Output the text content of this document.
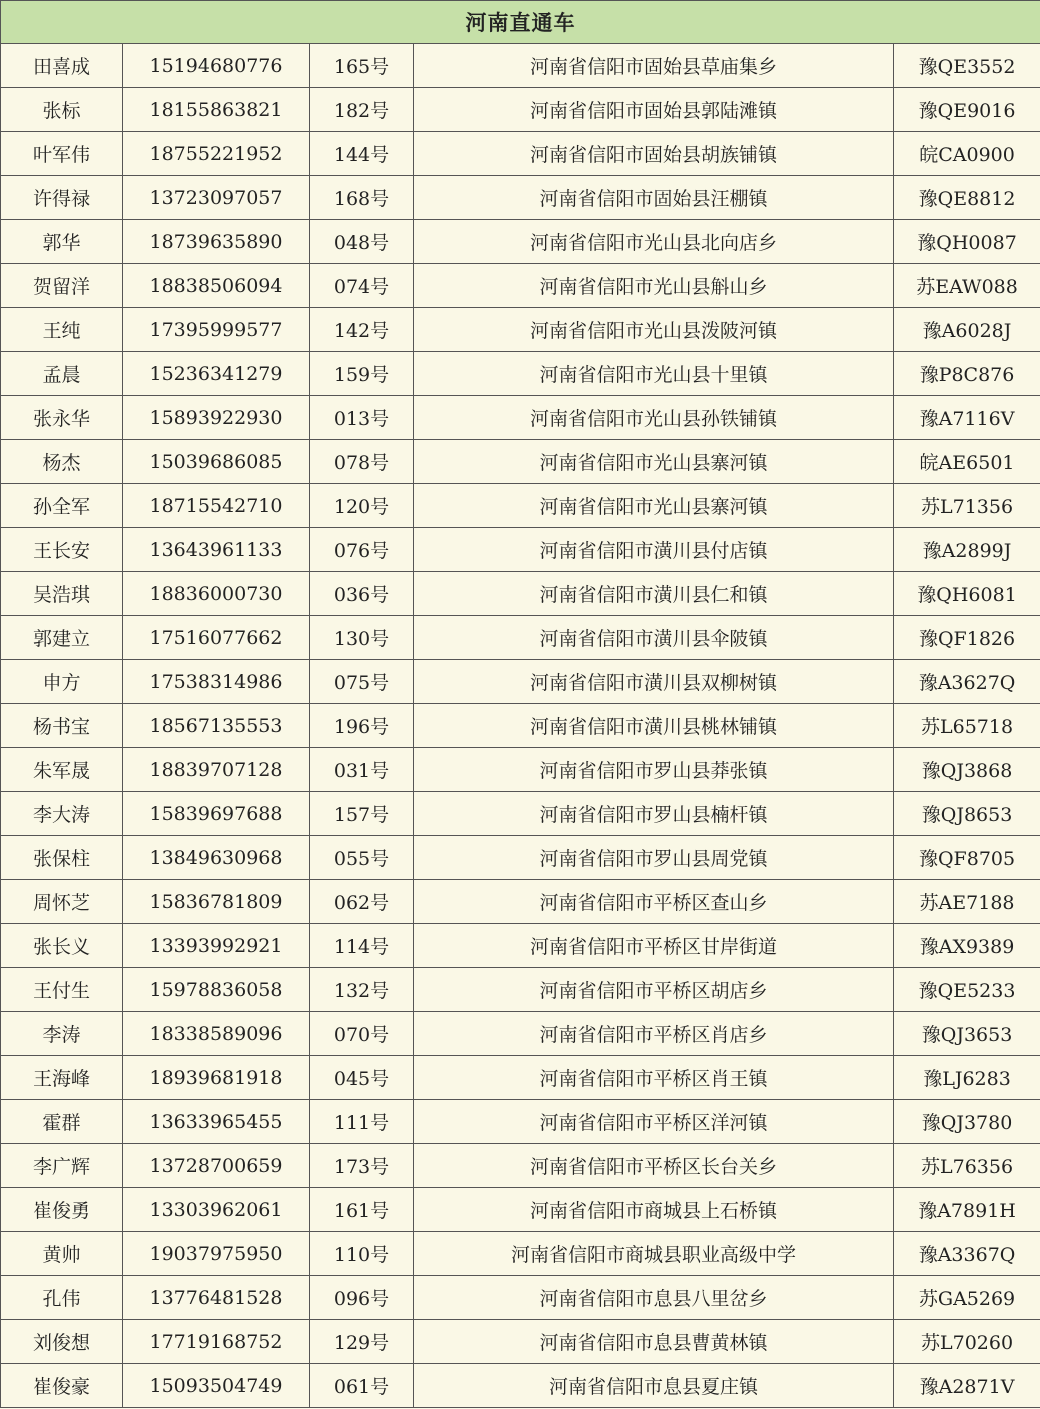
河南直通车				
田喜成	15194680776	165号	河南省信阳市固始县草庙集乡	豫QE3552
张标	18155863821	182号	河南省信阳市固始县郭陆滩镇	豫QE9016
叶军伟	18755221952	144号	河南省信阳市固始县胡族铺镇	皖CA0900
许得禄	13723097057	168号	河南省信阳市固始县汪棚镇	豫QE8812
郭华	18739635890	048号	河南省信阳市光山县北向店乡	豫QH0087
贺留洋	18838506094	074号	河南省信阳市光山县斛山乡	苏EAW088
王纯	17395999577	142号	河南省信阳市光山县泼陂河镇	豫A6028J
孟晨	15236341279	159号	河南省信阳市光山县十里镇	豫P8C876
张永华	15893922930	013号	河南省信阳市光山县孙铁铺镇	豫A7116V
杨杰	15039686085	078号	河南省信阳市光山县寨河镇	皖AE6501
孙全军	18715542710	120号	河南省信阳市光山县寨河镇	苏L71356
王长安	13643961133	076号	河南省信阳市潢川县付店镇	豫A2899J
吴浩琪	18836000730	036号	河南省信阳市潢川县仁和镇	豫QH6081
郭建立	17516077662	130号	河南省信阳市潢川县伞陂镇	豫QF1826
申方	17538314986	075号	河南省信阳市潢川县双柳树镇	豫A3627Q
杨书宝	18567135553	196号	河南省信阳市潢川县桃林铺镇	苏L65718
朱军晟	18839707128	031号	河南省信阳市罗山县莽张镇	豫QJ3868
李大涛	15839697688	157号	河南省信阳市罗山县楠杆镇	豫QJ8653
张保柱	13849630968	055号	河南省信阳市罗山县周党镇	豫QF8705
周怀芝	15836781809	062号	河南省信阳市平桥区查山乡	苏AE7188
张长义	13393992921	114号	河南省信阳市平桥区甘岸街道	豫AX9389
王付生	15978836058	132号	河南省信阳市平桥区胡店乡	豫QE5233
李涛	18338589096	070号	河南省信阳市平桥区肖店乡	豫QJ3653
王海峰	18939681918	045号	河南省信阳市平桥区肖王镇	豫LJ6283
霍群	13633965455	111号	河南省信阳市平桥区洋河镇	豫QJ3780
李广辉	13728700659	173号	河南省信阳市平桥区长台关乡	苏L76356
崔俊勇	13303962061	161号	河南省信阳市商城县上石桥镇	豫A7891H
黄帅	19037975950	110号	河南省信阳市商城县职业高级中学	豫A3367Q
孔伟	13776481528	096号	河南省信阳市息县八里岔乡	苏GA5269
刘俊想	17719168752	129号	河南省信阳市息县曹黄林镇	苏L70260
崔俊豪	15093504749	061号	河南省信阳市息县夏庄镇	豫A2871V
